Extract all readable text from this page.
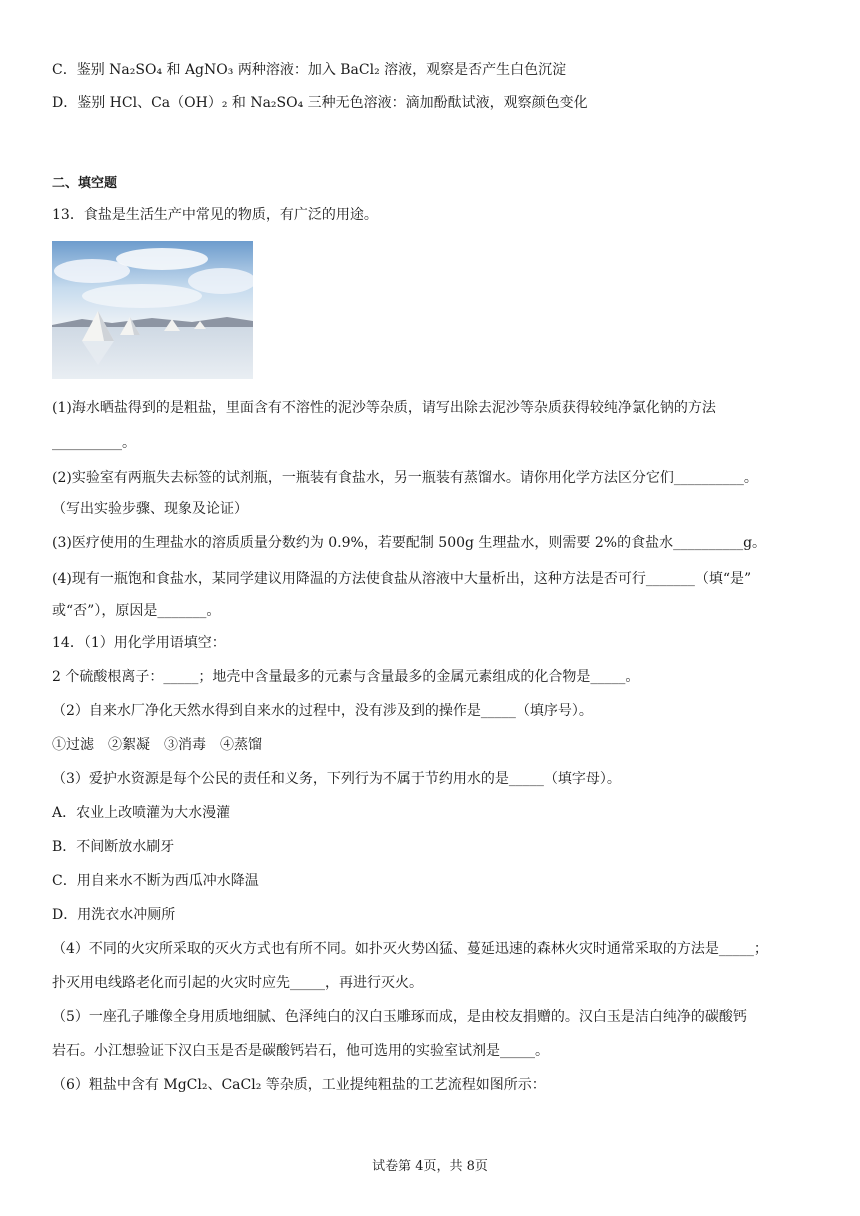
C．鉴别 Na₂SO₄ 和 AgNO₃ 两种溶液：加入 BaCl₂ 溶液，观察是否产生白色沉淀
D．鉴别 HCl、Ca（OH）₂ 和 Na₂SO₄ 三种无色溶液：滴加酚酞试液，观察颜色变化
二、填空题
13．食盐是生活生产中常见的物质，有广泛的用途。
(1)海水晒盐得到的是粗盐，里面含有不溶性的泥沙等杂质，请写出除去泥沙等杂质获得较纯净氯化钠的方法
__________。
(2)实验室有两瓶失去标签的试剂瓶，一瓶装有食盐水，另一瓶装有蒸馏水。请你用化学方法区分它们__________。
（写出实验步骤、现象及论证）
(3)医疗使用的生理盐水的溶质质量分数约为 0.9%，若要配制 500g 生理盐水，则需要 2%的食盐水__________g。
(4)现有一瓶饱和食盐水，某同学建议用降温的方法使食盐从溶液中大量析出，这种方法是否可行_______（填“是”
或“否”），原因是_______。
14．（1）用化学用语填空：
2 个硫酸根离子：_____；地壳中含量最多的元素与含量最多的金属元素组成的化合物是_____。
（2）自来水厂净化天然水得到自来水的过程中，没有涉及到的操作是_____（填序号）。
①过滤　②絮凝　③消毒　④蒸馏
（3）爱护水资源是每个公民的责任和义务，下列行为不属于节约用水的是_____（填字母）。
A．农业上改喷灌为大水漫灌
B．不间断放水刷牙
C．用自来水不断为西瓜冲水降温
D．用洗衣水冲厕所
（4）不同的火灾所采取的灭火方式也有所不同。如扑灭火势凶猛、蔓延迅速的森林火灾时通常采取的方法是_____；
扑灭用电线路老化而引起的火灾时应先_____，再进行灭火。
（5）一座孔子雕像全身用质地细腻、色泽纯白的汉白玉雕琢而成，是由校友捐赠的。汉白玉是洁白纯净的碳酸钙
岩石。小江想验证下汉白玉是否是碳酸钙岩石，他可选用的实验室试剂是_____。
（6）粗盐中含有 MgCl₂、CaCl₂ 等杂质，工业提纯粗盐的工艺流程如图所示：
试卷第 4页，共 8页
